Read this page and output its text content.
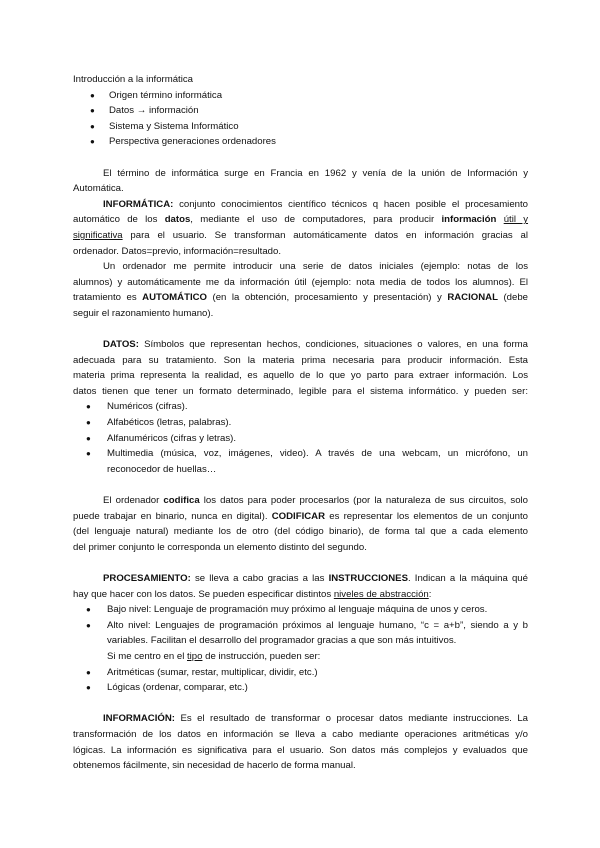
Introducción a la informática

● Origen término informática

● Datos → información

● Sistema y Sistema Informático

● Perspectiva generaciones ordenadores

El término de informática surge en Francia en 1962 y venía de la unión de Información y

Automática.

INFORMÁTICA: conjunto conocimientos científico técnicos q hacen posible el procesamiento

automático de los datos, mediante el uso de computadores, para producir información útil y

significativa para el usuario. Se transforman automáticamente datos en información gracias al

ordenador. Datos=previo, información=resultado.

Un ordenador me permite introducir una serie de datos iniciales (ejemplo: notas de los

alumnos) y automáticamente me da información útil (ejemplo: nota media de todos los alumnos). El

tratamiento es AUTOMÁTICO (en la obtención, procesamiento y presentación) y RACIONAL (debe

seguir el razonamiento humano).

DATOS: Símbolos que representan hechos, condiciones, situaciones o valores, en una forma

adecuada para su tratamiento. Son la materia prima necesaria para producir información. Esta

materia prima representa la realidad, es aquello de lo que yo parto para extraer información. Los

datos tienen que tener un formato determinado, legible para el sistema informático. y pueden ser:

● Numéricos (cifras).

● Alfabéticos (letras, palabras).

● Alfanuméricos (cifras y letras).

● Multimedia (música, voz, imágenes, video). A través de una webcam, un micrófono, un

reconocedor de huellas…

El ordenador codifica los datos para poder procesarlos (por la naturaleza de sus circuitos, solo

puede trabajar en binario, nunca en digital). CODIFICAR es representar los elementos de un conjunto

(del lenguaje natural) mediante los de otro (del código binario), de forma tal que a cada elemento

del primer conjunto le corresponda un elemento distinto del segundo.

PROCESAMIENTO: se lleva a cabo gracias a las INSTRUCCIONES. Indican a la máquina qué

hay que hacer con los datos. Se pueden especificar distintos niveles de abstracción:

● Bajo nivel: Lenguaje de programación muy próximo al lenguaje máquina de unos y ceros.

● Alto nivel: Lenguajes de programación próximos al lenguaje humano, “c = a+b”, siendo a y b

variables. Facilitan el desarrollo del programador gracias a que son más intuitivos.

Si me centro en el tipo de instrucción, pueden ser:

● Aritméticas (sumar, restar, multiplicar, dividir, etc.)

● Lógicas (ordenar, comparar, etc.)

INFORMACIÓN: Es el resultado de transformar o procesar datos mediante instrucciones. La

transformación de los datos en información se lleva a cabo mediante operaciones aritméticas y/o

lógicas. La información es significativa para el usuario. Son datos más complejos y evaluados que

obtenemos fácilmente, sin necesidad de hacerlo de forma manual.
